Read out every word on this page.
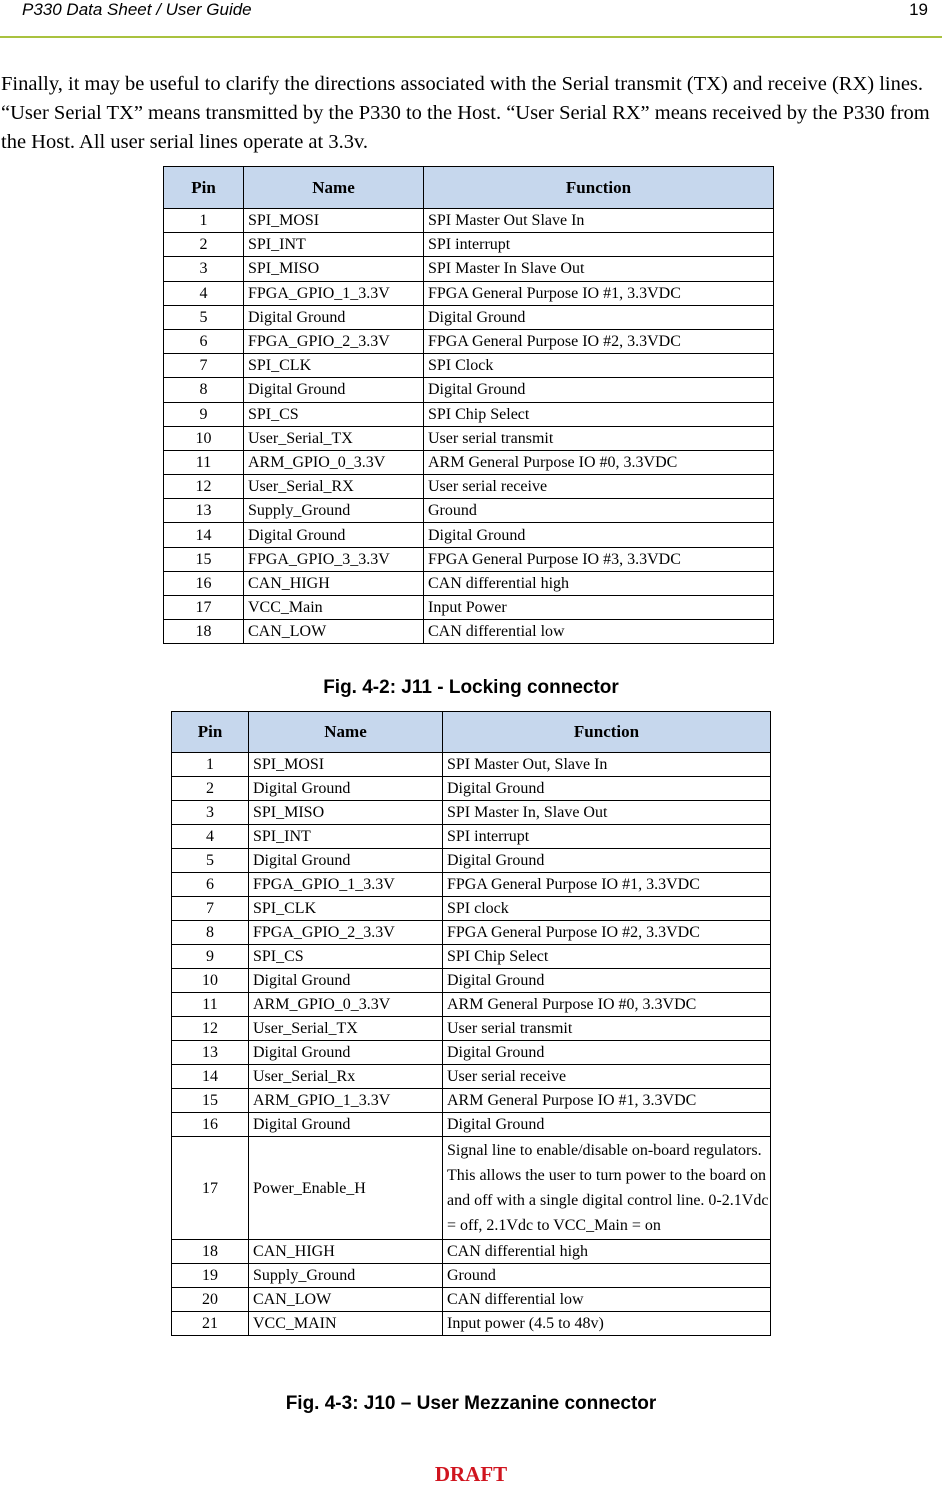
P330 Data Sheet / User Guide	19

Finally, it may be useful to clarify the directions associated with the Serial transmit (TX) and receive (RX) lines. “User Serial TX” means transmitted by the P330 to the Host. “User Serial RX” means received by the P330 from the Host. All user serial lines operate at 3.3v.

Pin	Name	Function
1	SPI_MOSI	SPI Master Out Slave In
2	SPI_INT	SPI interrupt
3	SPI_MISO	SPI Master In Slave Out
4	FPGA_GPIO_1_3.3V	FPGA General Purpose IO #1, 3.3VDC
5	Digital Ground	Digital Ground
6	FPGA_GPIO_2_3.3V	FPGA General Purpose IO #2, 3.3VDC
7	SPI_CLK	SPI Clock
8	Digital Ground	Digital Ground
9	SPI_CS	SPI Chip Select
10	User_Serial_TX	User serial transmit
11	ARM_GPIO_0_3.3V	ARM General Purpose IO #0, 3.3VDC
12	User_Serial_RX	User serial receive
13	Supply_Ground	Ground
14	Digital Ground	Digital Ground
15	FPGA_GPIO_3_3.3V	FPGA General Purpose IO #3, 3.3VDC
16	CAN_HIGH	CAN differential high
17	VCC_Main	Input Power
18	CAN_LOW	CAN differential low
Fig. 4-2: J11 - Locking connector
Pin	Name	Function
1	SPI_MOSI	SPI Master Out, Slave In
2	Digital Ground	Digital Ground
3	SPI_MISO	SPI Master In, Slave Out
4	SPI_INT	SPI interrupt
5	Digital Ground	Digital Ground
6	FPGA_GPIO_1_3.3V	FPGA General Purpose IO #1, 3.3VDC
7	SPI_CLK	SPI clock
8	FPGA_GPIO_2_3.3V	FPGA General Purpose IO #2, 3.3VDC
9	SPI_CS	SPI Chip Select
10	Digital Ground	Digital Ground
11	ARM_GPIO_0_3.3V	ARM General Purpose IO #0, 3.3VDC
12	User_Serial_TX	User serial transmit
13	Digital Ground	Digital Ground
14	User_Serial_Rx	User serial receive
15	ARM_GPIO_1_3.3V	ARM General Purpose IO #1, 3.3VDC
16	Digital Ground	Digital Ground
17	Power_Enable_H	Signal line to enable/disable on-board regulators. This allows the user to turn power to the board on and off with a single digital control line. 0-2.1Vdc = off, 2.1Vdc to VCC_Main = on
18	CAN_HIGH	CAN differential high
19	Supply_Ground	Ground
20	CAN_LOW	CAN differential low
21	VCC_MAIN	Input power (4.5 to 48v)
Fig. 4-3: J10 – User Mezzanine connector
DRAFT
